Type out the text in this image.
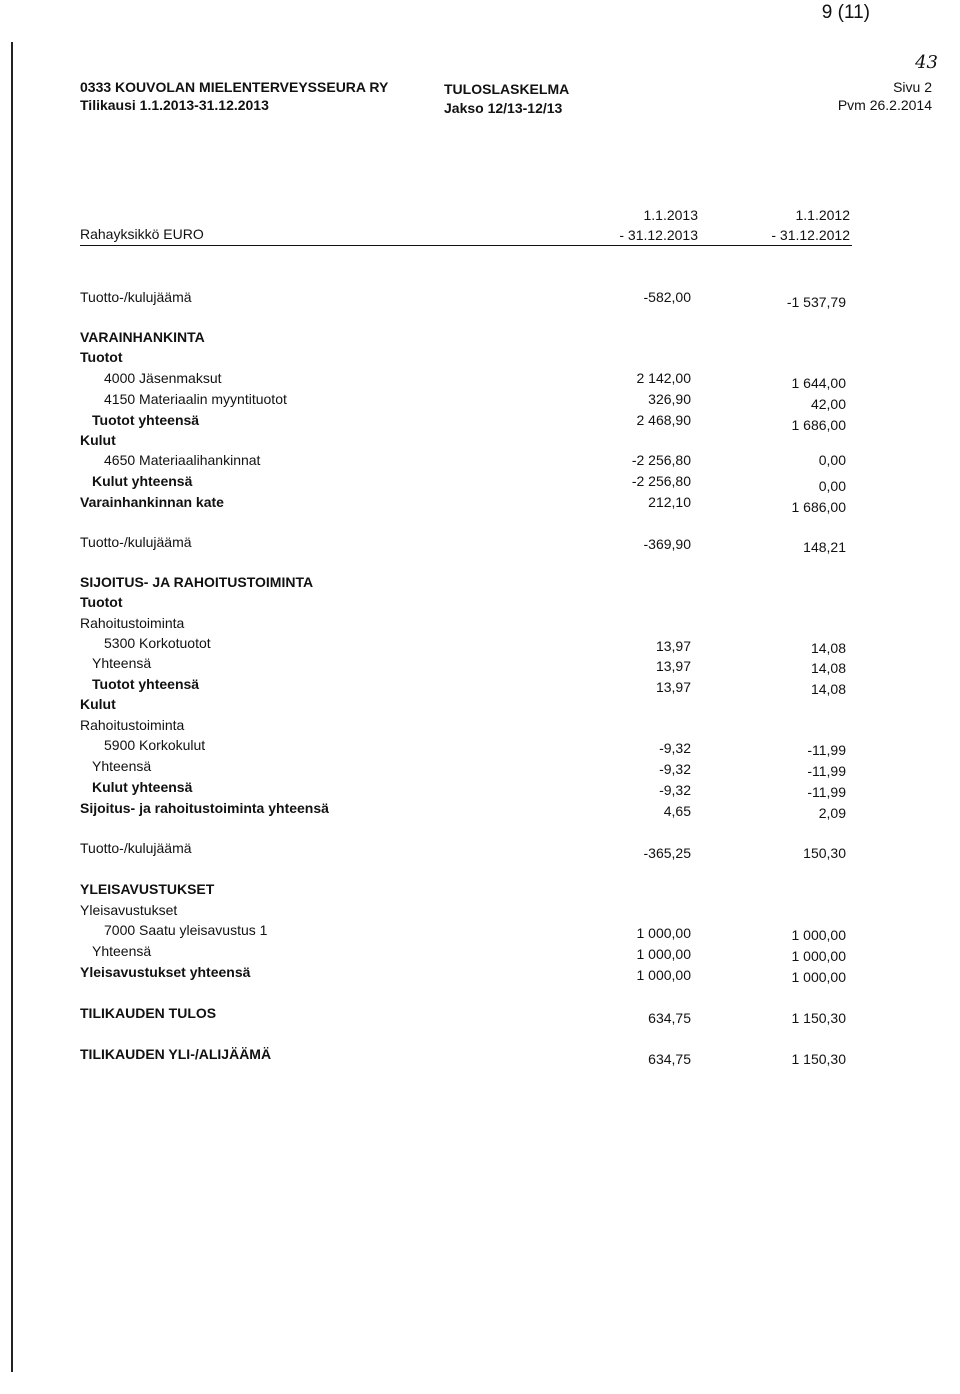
9 (11)
0333 KOUVOLAN MIELENTERVEYSSEURA RY
Tilikausi 1.1.2013-31.12.2013
TULOSLASKELMA
Jakso 12/13-12/13
Sivu 2
Pvm 26.2.2014
43
Rahayksikkö EURO
1.1.2013
- 31.12.2013
1.1.2012
- 31.12.2012
Tuotto-/kulujäämä	-582,00	-1 537,79
VARAINHANKINTA
Tuotot
4000 Jäsenmaksut	2 142,00	1 644,00
4150 Materiaalin myyntituotot	326,90	42,00
Tuotot yhteensä	2 468,90	1 686,00
Kulut
4650 Materiaalihankinnat	-2 256,80	0,00
Kulut yhteensä	-2 256,80	0,00
Varainhankinnan kate	212,10	1 686,00
Tuotto-/kulujäämä	-369,90	148,21
SIJOITUS- JA RAHOITUSTOIMINTA
Tuotot
Rahoitustoiminta
5300 Korkotuotot	13,97	14,08
Yhteensä	13,97	14,08
Tuotot yhteensä	13,97	14,08
Kulut
Rahoitustoiminta
5900 Korkokulut	-9,32	-11,99
Yhteensä	-9,32	-11,99
Kulut yhteensä	-9,32	-11,99
Sijoitus- ja rahoitustoiminta yhteensä	4,65	2,09
Tuotto-/kulujäämä	-365,25	150,30
YLEISAVUSTUKSET
Yleisavustukset
7000 Saatu yleisavustus 1	1 000,00	1 000,00
Yhteensä	1 000,00	1 000,00
Yleisavustukset yhteensä	1 000,00	1 000,00
TILIKAUDEN TULOS	634,75	1 150,30
TILIKAUDEN YLI-/ALIJÄÄMÄ	634,75	1 150,30
